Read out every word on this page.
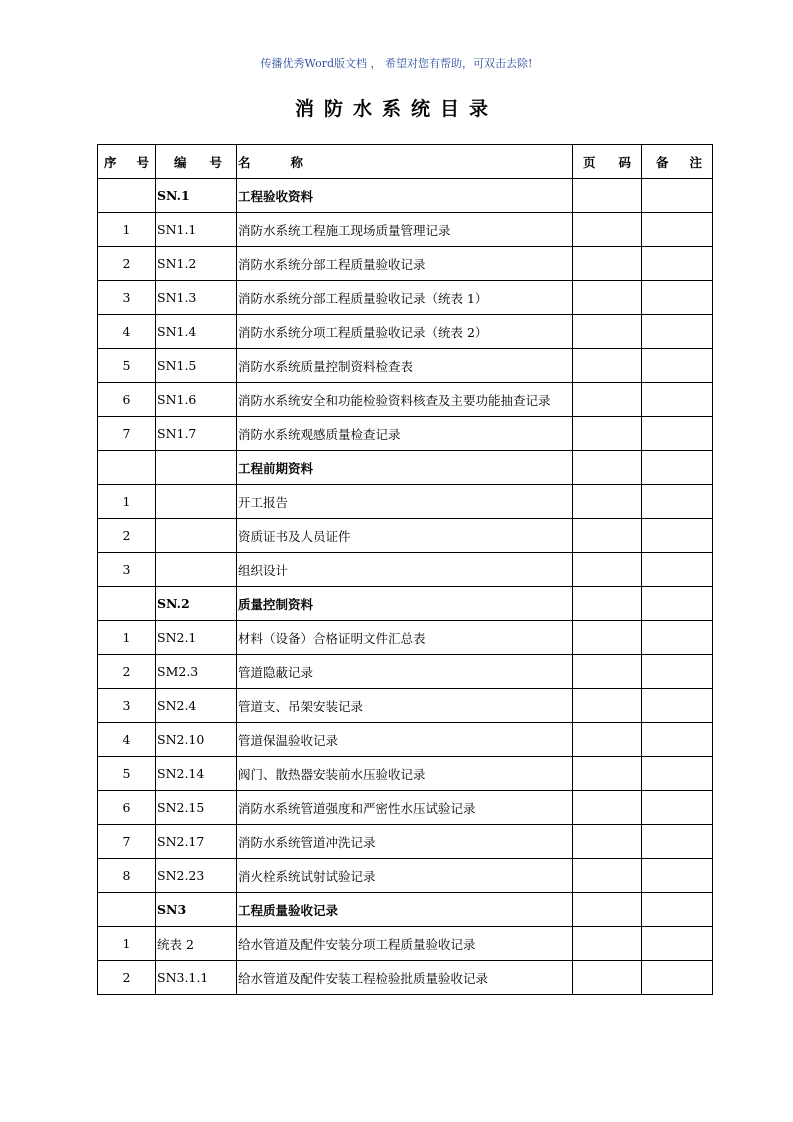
传播优秀Word版文档 ， 希望对您有帮助，可双击去除!
消防水系统目录
序 号	编 号	名 称	页 码	备 注

	SN.1	工程验收资料		
1	SN1.1	消防水系统工程施工现场质量管理记录		
2	SN1.2	消防水系统分部工程质量验收记录		
3	SN1.3	消防水系统分部工程质量验收记录（统表 1）		
4	SN1.4	消防水系统分项工程质量验收记录（统表 2）		
5	SN1.5	消防水系统质量控制资料检查表		
6	SN1.6	消防水系统安全和功能检验资料核查及主要功能抽查记录		
7	SN1.7	消防水系统观感质量检查记录		
		工程前期资料		
1		开工报告		
2		资质证书及人员证件		
3		组织设计		
	SN.2	质量控制资料		
1	SN2.1	材料（设备）合格证明文件汇总表		
2	SM2.3	管道隐蔽记录		
3	SN2.4	管道支、吊架安装记录		
4	SN2.10	管道保温验收记录		
5	SN2.14	阀门、散热器安装前水压验收记录		
6	SN2.15	消防水系统管道强度和严密性水压试验记录		
7	SN2.17	消防水系统管道冲洗记录		
8	SN2.23	消火栓系统试射试验记录		
	SN3	工程质量验收记录		
1	统表 2	给水管道及配件安装分项工程质量验收记录		
2	SN3.1.1	给水管道及配件安装工程检验批质量验收记录		
